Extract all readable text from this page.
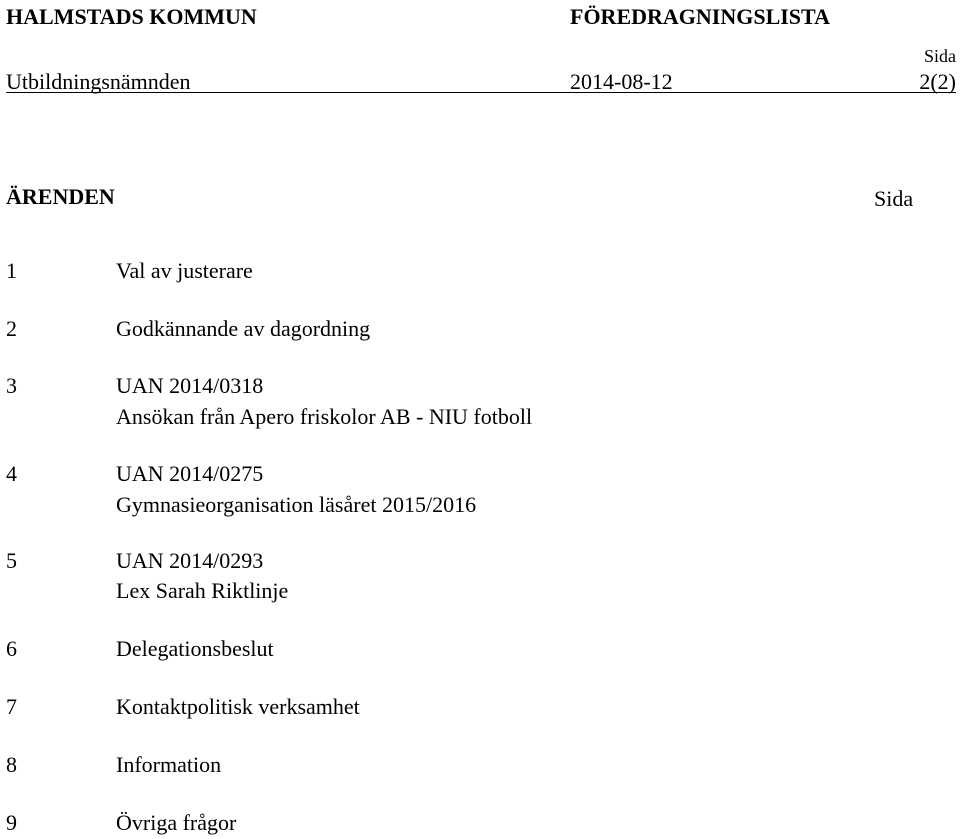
HALMSTADS KOMMUN	FÖREDRAGNINGSLISTA
Sida
Utbildningsnämnden	2014-08-12	2(2)
ÄRENDEN	Sida
1	Val av justerare
2	Godkännande av dagordning
3	UAN 2014/0318
Ansökan från Apero friskolor AB - NIU fotboll
4	UAN 2014/0275
Gymnasieorganisation läsåret 2015/2016
5	UAN 2014/0293
Lex Sarah Riktlinje
6	Delegationsbeslut
7	Kontaktpolitisk verksamhet
8	Information
9	Övriga frågor
